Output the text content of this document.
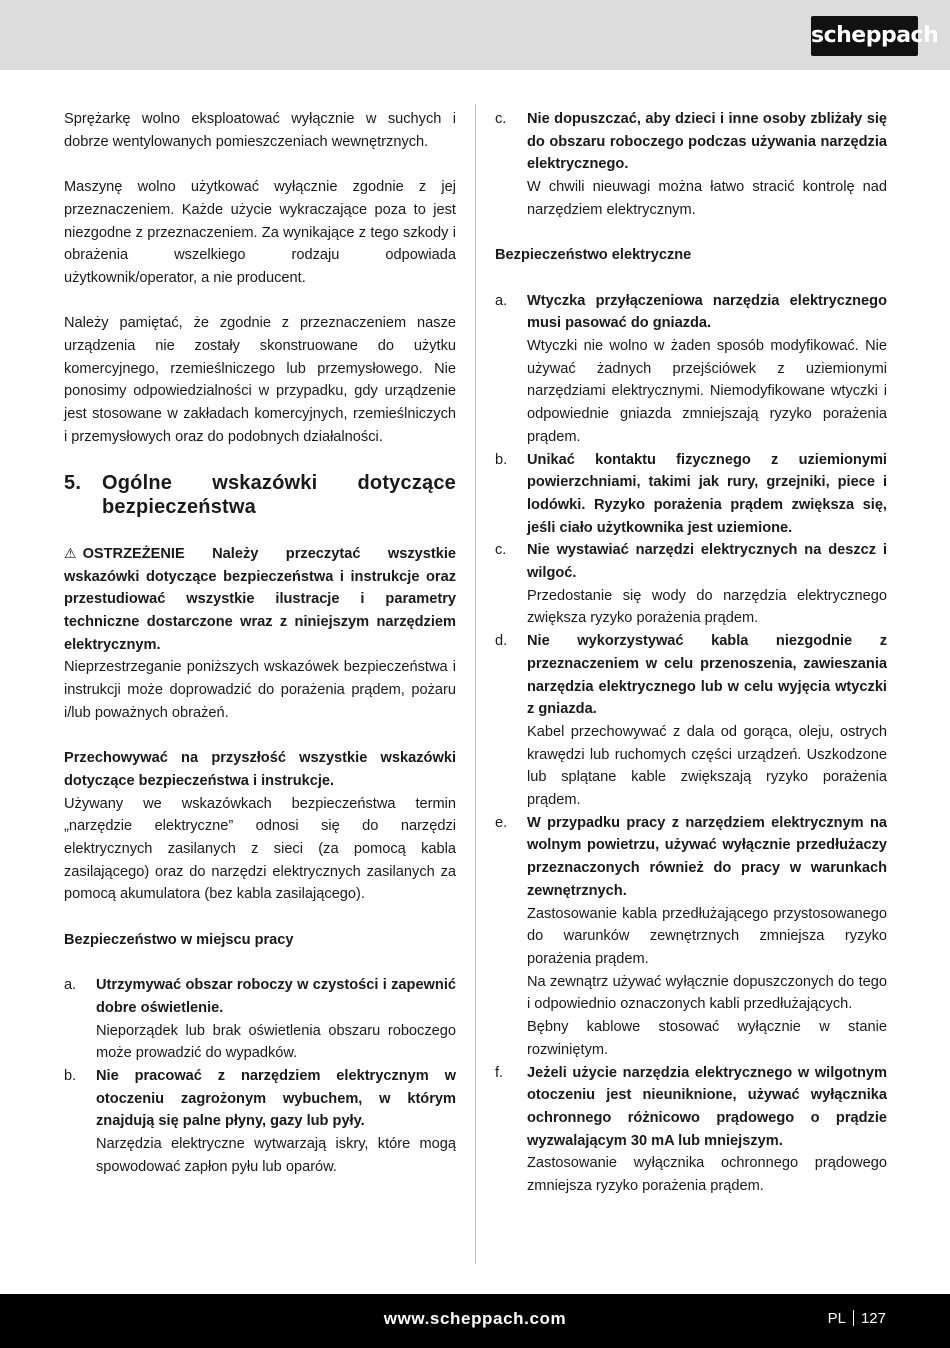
scheppach
Sprężarkę wolno eksploatować wyłącznie w suchych i dobrze wentylowanych pomieszczeniach wewnętrznych.
Maszynę wolno użytkować wyłącznie zgodnie z jej przeznaczeniem. Każde użycie wykraczające poza to jest niezgodne z przeznaczeniem. Za wynikające z tego szkody i obrażenia wszelkiego rodzaju odpowiada użytkownik/operator, a nie producent.
Należy pamiętać, że zgodnie z przeznaczeniem nasze urządzenia nie zostały skonstruowane do użytku komercyjnego, rzemieślniczego lub przemysłowego. Nie ponosimy odpowiedzialności w przypadku, gdy urządzenie jest stosowane w zakładach komercyjnych, rzemieślniczych i przemysłowych oraz do podobnych działalności.
5.	Ogólne wskazówki dotyczące bezpieczeństwa
⚠ OSTRZEŻENIE Należy przeczytać wszystkie wskazówki dotyczące bezpieczeństwa i instrukcje oraz przestudiować wszystkie ilustracje i parametry techniczne dostarczone wraz z niniejszym narzędziem elektrycznym.
Nieprzestrzeganie poniższych wskazówek bezpieczeństwa i instrukcji może doprowadzić do porażenia prądem, pożaru i/lub poważnych obrażeń.
Przechowywać na przyszłość wszystkie wskazówki dotyczące bezpieczeństwa i instrukcje.
Używany we wskazówkach bezpieczeństwa termin „narzędzie elektryczne” odnosi się do narzędzi elektrycznych zasilanych z sieci (za pomocą kabla zasilającego) oraz do narzędzi elektrycznych zasilanych za pomocą akumulatora (bez kabla zasilającego).
Bezpieczeństwo w miejscu pracy
a.	Utrzymywać obszar roboczy w czystości i zapewnić dobre oświetlenie.
Nieporządek lub brak oświetlenia obszaru roboczego może prowadzić do wypadków.
b.	Nie pracować z narzędziem elektrycznym w otoczeniu zagrożonym wybuchem, w którym znajdują się palne płyny, gazy lub pyły.
Narzędzia elektryczne wytwarzają iskry, które mogą spowodować zapłon pyłu lub oparów.
c.	Nie dopuszczać, aby dzieci i inne osoby zbliżały się do obszaru roboczego podczas używania narzędzia elektrycznego.
W chwili nieuwagi można łatwo stracić kontrolę nad narzędziem elektrycznym.
Bezpieczeństwo elektryczne
a.	Wtyczka przyłączeniowa narzędzia elektrycznego musi pasować do gniazda.
Wtyczki nie wolno w żaden sposób modyfikować. Nie używać żadnych przejściówek z uziemionymi narzędziami elektrycznymi. Niemodyfikowane wtyczki i odpowiednie gniazda zmniejszają ryzyko porażenia prądem.
b.	Unikać kontaktu fizycznego z uziemionymi powierzchniami, takimi jak rury, grzejniki, piece i lodówki. Ryzyko porażenia prądem zwiększa się, jeśli ciało użytkownika jest uziemione.
c.	Nie wystawiać narzędzi elektrycznych na deszcz i wilgoć.
Przedostanie się wody do narzędzia elektrycznego zwiększa ryzyko porażenia prądem.
d.	Nie wykorzystywać kabla niezgodnie z przeznaczeniem w celu przenoszenia, zawieszania narzędzia elektrycznego lub w celu wyjęcia wtyczki z gniazda.
Kabel przechowywać z dala od gorąca, oleju, ostrych krawędzi lub ruchomych części urządzeń. Uszkodzone lub splątane kable zwiększają ryzyko porażenia prądem.
e.	W przypadku pracy z narzędziem elektrycznym na wolnym powietrzu, używać wyłącznie przedłużaczy przeznaczonych również do pracy w warunkach zewnętrznych.
Zastosowanie kabla przedłużającego przystosowanego do warunków zewnętrznych zmniejsza ryzyko porażenia prądem.
Na zewnątrz używać wyłącznie dopuszczonych do tego i odpowiednio oznaczonych kabli przedłużających.
Bębny kablowe stosować wyłącznie w stanie rozwiniętym.
f.	Jeżeli użycie narzędzia elektrycznego w wilgotnym otoczeniu jest nieuniknione, używać wyłącznika ochronnego różnicowo prądowego o prądzie wyzwalającym 30 mA lub mniejszym.
Zastosowanie wyłącznika ochronnego prądowego zmniejsza ryzyko porażenia prądem.
www.scheppach.com	PL 127
